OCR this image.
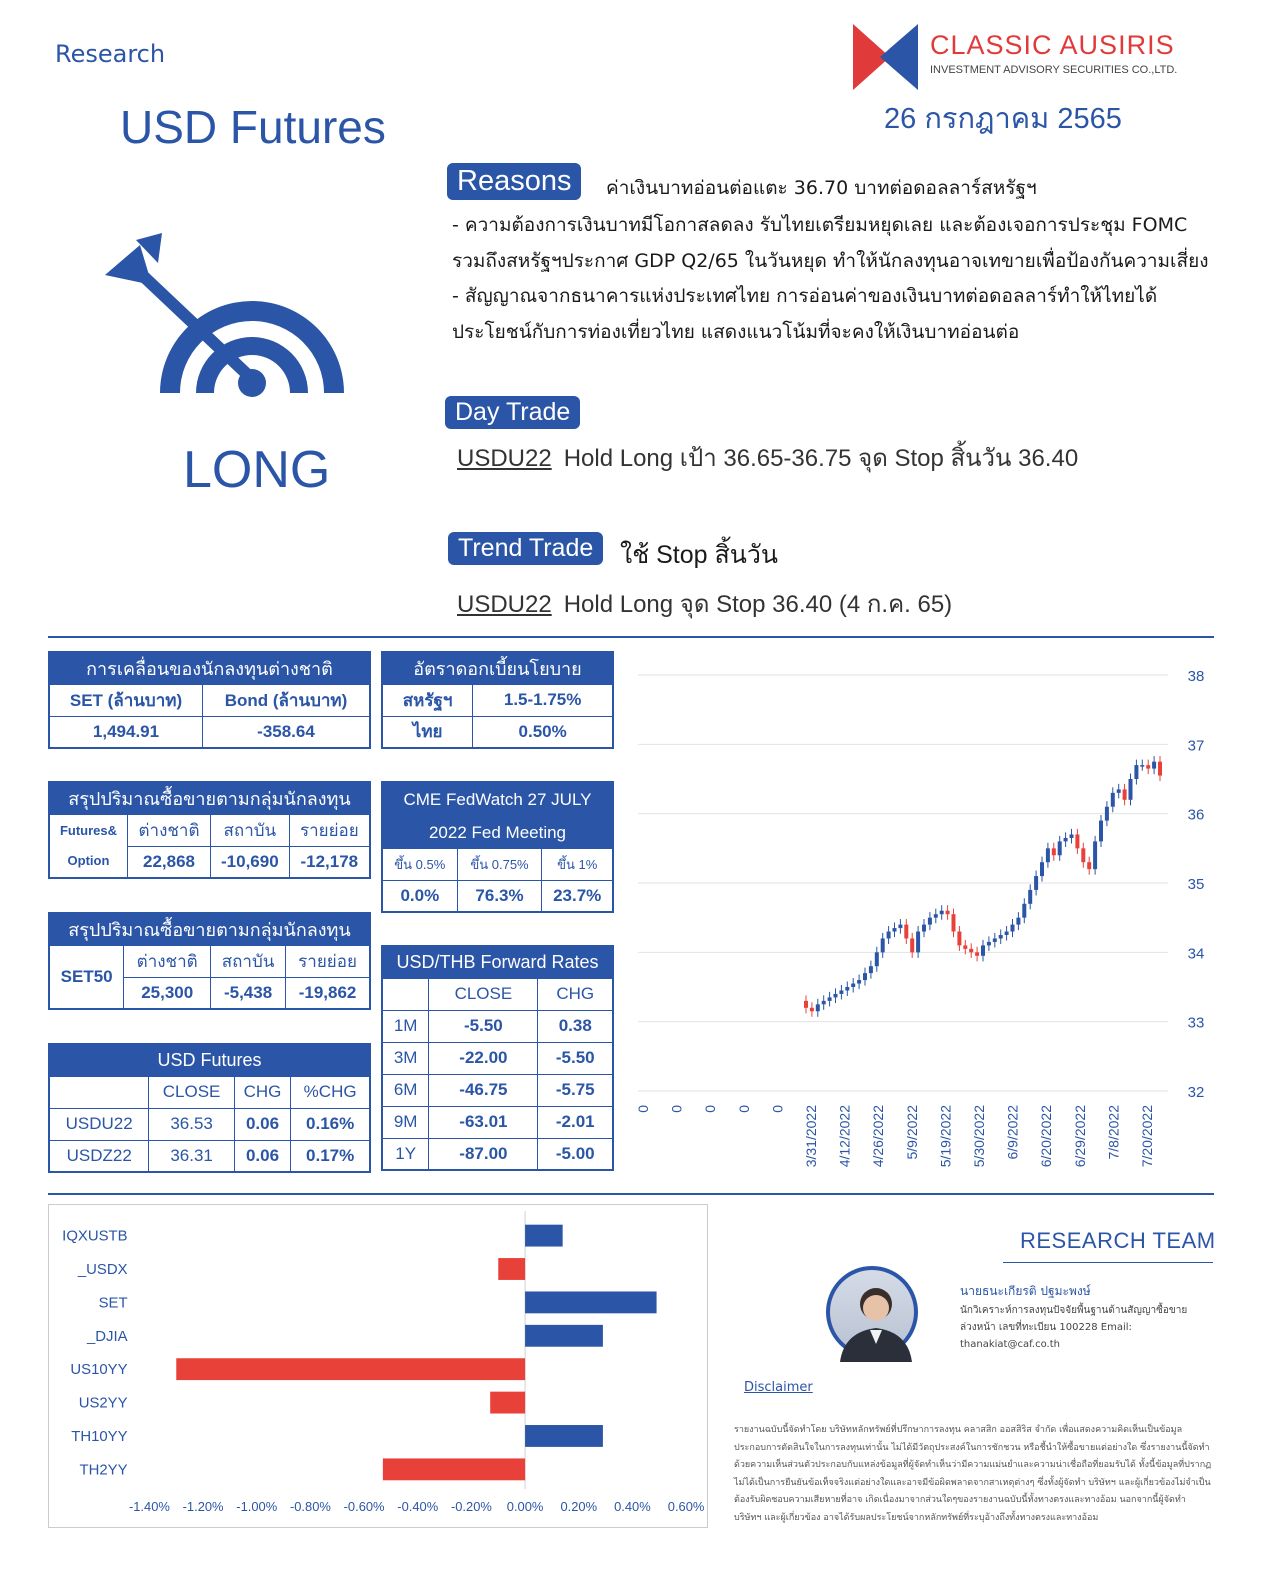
Research
USD Futures
CLASSIC AUSIRIS
INVESTMENT ADVISORY SECURITIES CO.,LTD.
26 กรกฎาคม 2565
LONG
Reasons	ค่าเงินบาทอ่อนต่อแตะ 36.70 บาทต่อดอลลาร์สหรัฐฯ
- ความต้องการเงินบาทมีโอกาสลดลง รับไทยเตรียมหยุดเลย และต้องเจอการประชุม FOMC รวมถึงสหรัฐฯประกาศ GDP Q2/65 ในวันหยุด ทำให้นักลงทุนอาจเทขายเพื่อป้องกันความเสี่ยง
- สัญญาณจากธนาคารแห่งประเทศไทย การอ่อนค่าของเงินบาทต่อดอลลาร์ทำให้ไทยได้ประโยชน์กับการท่องเที่ยวไทย แสดงแนวโน้มที่จะคงให้เงินบาทอ่อนต่อ
Day Trade
USDU22 Hold Long เป้า 36.65-36.75 จุด Stop สิ้นวัน 36.40
Trend Trade	ใช้ Stop สิ้นวัน
USDU22 Hold Long จุด Stop 36.40 (4 ก.ค. 65)
การเคลื่อนของนักลงทุนต่างชาติ	
SET (ล้านบาท)	Bond (ล้านบาท)
1,494.91	-358.64
อัตราดอกเบี้ยนโยบาย	
สหรัฐฯ	1.5-1.75%
ไทย	0.50%
สรุปปริมาณซื้อขายตามกลุ่มนักลงทุน			
Futures&
Option	ต่างชาติ	สถาบัน	รายย่อย
	22,868	-10,690	-12,178
CME FedWatch 27 JULY		
2022 Fed Meeting		
ขึ้น 0.5%	ขึ้น 0.75%	ขึ้น 1%
0.0%	76.3%	23.7%
สรุปปริมาณซื้อขายตามกลุ่มนักลงทุน			
SET50	ต่างชาติ	สถาบัน	รายย่อย
	25,300	-5,438	-19,862
USD/THB Forward Rates		
	CLOSE	CHG
1M	-5.50	0.38
3M	-22.00	-5.50
6M	-46.75	-5.75
9M	-63.01	-2.01
1Y	-87.00	-5.00
USD Futures			
	CLOSE	CHG	%CHG
USDU22	36.53	0.06	0.16%
USDZ22	36.31	0.06	0.17%
38
37
36
35
34
33
32
0 0 0 0 0 3/31/2022 4/12/2022 4/26/2022 5/9/2022 5/19/2022 5/30/2022 6/9/2022 6/20/2022 6/29/2022 7/8/2022 7/20/2022
IQXUSTB
_USDX
SET
_DJIA
US10YY
US2YY
TH10YY
TH2YY
-1.40% -1.20% -1.00% -0.80% -0.60% -0.40% -0.20% 0.00% 0.20% 0.40% 0.60%
RESEARCH TEAM
นายธนะเกียรติ ปฐมะพงษ์
นักวิเคราะห์การลงทุนปัจจัยพื้นฐานด้านสัญญาซื้อขายล่วงหน้า เลขที่ทะเบียน 100228 Email: thanakiat@caf.co.th
Disclaimer
รายงานฉบับนี้จัดทำโดย บริษัทหลักทรัพย์ที่ปรึกษาการลงทุน คลาสสิก ออสสิริส จำกัด เพื่อแสดงความคิดเห็นเป็นข้อมูลประกอบการตัดสินใจในการลงทุนเท่านั้น ไม่ได้มีวัตถุประสงค์ในการชักชวน หรือชี้นำให้ซื้อขายแต่อย่างใด ซึ่งรายงานนี้จัดทำด้วยความเห็นส่วนตัวประกอบกับแหล่งข้อมูลที่ผู้จัดทำเห็นว่ามีความแม่นยำและความน่าเชื่อถือที่ยอมรับได้ ทั้งนี้ข้อมูลที่ปรากฏไม่ได้เป็นการยืนยันข้อเท็จจริงแต่อย่างใดและอาจมีข้อผิดพลาดจากสาเหตุต่างๆ ซึ่งทั้งผู้จัดทำ บริษัทฯ และผู้เกี่ยวข้องไม่จำเป็นต้องรับผิดชอบความเสียหายที่อาจ เกิดเนื่องมาจากส่วนใดๆของรายงานฉบับนี้ทั้งทางตรงและทางอ้อม นอกจากนี้ผู้จัดทำ บริษัทฯ และผู้เกี่ยวข้อง อาจได้รับผลประโยชน์จากหลักทรัพย์ที่ระบุอ้างถึงทั้งทางตรงและทางอ้อม
